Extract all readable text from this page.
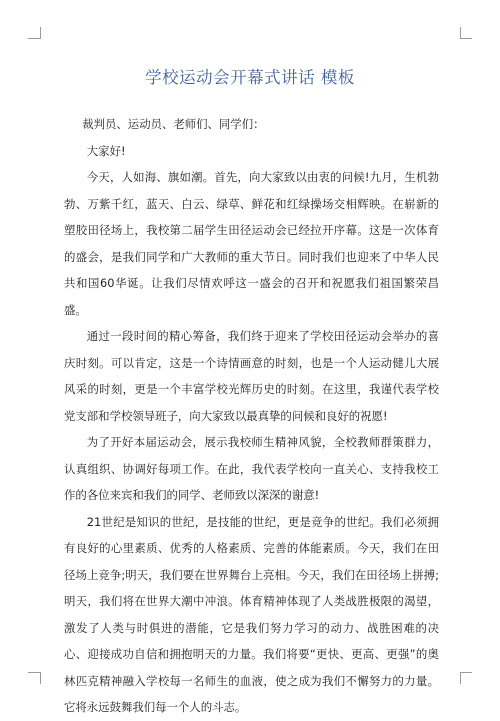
学校运动会开幕式讲话 模板

裁判员、运动员、老师们、同学们：

大家好!

今天，人如海、旗如潮。首先，向大家致以由衷的问候!九月，生机勃勃、万紫千红，蓝天、白云、绿草、鲜花和红绿操场交相辉映。在崭新的塑胶田径场上，我校第二届学生田径运动会已经拉开序幕。这是一次体育的盛会，是我们同学和广大教师的重大节日。同时我们也迎来了中华人民共和国60华诞。让我们尽情欢呼这一盛会的召开和祝愿我们祖国繁荣昌盛。

通过一段时间的精心筹备，我们终于迎来了学校田径运动会举办的喜庆时刻。可以肯定，这是一个诗情画意的时刻，也是一个人运动健儿大展风采的时刻，更是一个丰富学校光辉历史的时刻。在这里，我谨代表学校党支部和学校领导班子，向大家致以最真挚的问候和良好的祝愿!

为了开好本届运动会，展示我校师生精神风貌，全校教师群策群力，认真组织、协调好每项工作。在此，我代表学校向一直关心、支持我校工作的各位来宾和我们的同学、老师致以深深的谢意!

21世纪是知识的世纪，是技能的世纪，更是竞争的世纪。我们必须拥有良好的心里素质、优秀的人格素质、完善的体能素质。今天，我们在田径场上竞争;明天，我们要在世界舞台上亮相。今天，我们在田径场上拼搏;明天，我们将在世界大潮中冲浪。体育精神体现了人类战胜极限的渴望，激发了人类与时俱进的潜能，它是我们努力学习的动力、战胜困难的决心、迎接成功自信和拥抱明天的力量。我们将要“更快、更高、更强”的奥林匹克精神融入学校每一名师生的血液，使之成为我们不懈努力的力量。它将永远鼓舞我们每一个人的斗志。
